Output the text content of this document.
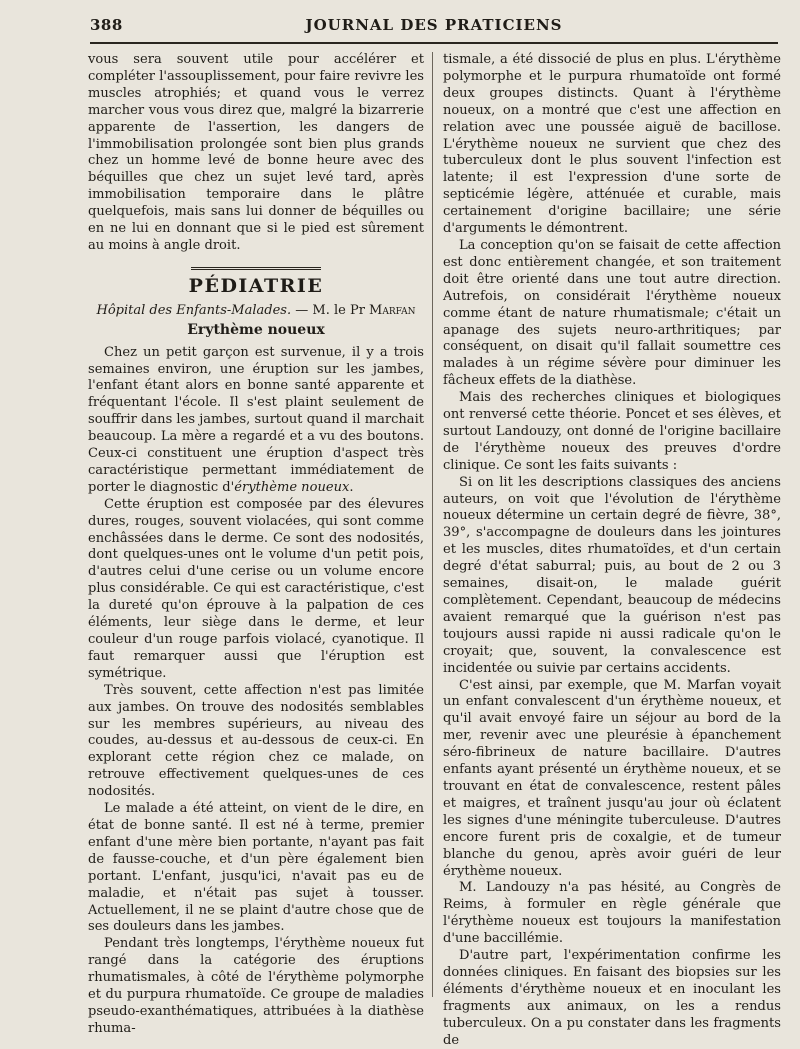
388	JOURNAL DES PRATICIENS

vous sera souvent utile pour accélérer et compléter l'assouplissement, pour faire revivre les muscles atrophiés; et quand vous le verrez marcher vous vous direz que, malgré la bizarrerie apparente de l'assertion, les dangers de l'immobilisation prolongée sont bien plus grands chez un homme levé de bonne heure avec des béquilles que chez un sujet levé tard, après immobilisation temporaire dans le plâtre quelquefois, mais sans lui donner de béquilles ou en ne lui en donnant que si le pied est sûrement au moins à angle droit.

PÉDIATRIE

Hôpital des Enfants-Malades. — M. le Pr Marfan

Erythème noueux

Chez un petit garçon est survenue, il y a trois semaines environ, une éruption sur les jambes, l'enfant étant alors en bonne santé apparente et fréquentant l'école. Il s'est plaint seulement de souffrir dans les jambes, surtout quand il marchait beaucoup. La mère a regardé et a vu des boutons. Ceux-ci constituent une éruption d'aspect très caractéristique permettant immédiatement de porter le diagnostic d'érythème noueux.

Cette éruption est composée par des élevures dures, rouges, souvent violacées, qui sont comme enchâssées dans le derme. Ce sont des nodosités, dont quelques-unes ont le volume d'un petit pois, d'autres celui d'une cerise ou un volume encore plus considérable. Ce qui est caractéristique, c'est la dureté qu'on éprouve à la palpation de ces éléments, leur siège dans le derme, et leur couleur d'un rouge parfois violacé, cyanotique. Il faut remarquer aussi que l'éruption est symétrique.

Très souvent, cette affection n'est pas limitée aux jambes. On trouve des nodosités semblables sur les membres supérieurs, au niveau des coudes, au-dessus et au-dessous de ceux-ci. En explorant cette région chez ce malade, on retrouve effectivement quelques-unes de ces nodosités.

Le malade a été atteint, on vient de le dire, en état de bonne santé. Il est né à terme, premier enfant d'une mère bien portante, n'ayant pas fait de fausse-couche, et d'un père également bien portant. L'enfant, jusqu'ici, n'avait pas eu de maladie, et n'était pas sujet à tousser. Actuellement, il ne se plaint d'autre chose que de ses douleurs dans les jambes.

Pendant très longtemps, l'érythème noueux fut rangé dans la catégorie des éruptions rhumatismales, à côté de l'érythème polymorphe et du purpura rhumatoïde. Ce groupe de maladies pseudo-exanthématiques, attribuées à la diathèse rhuma-

tismale, a été dissocié de plus en plus. L'érythème polymorphe et le purpura rhumatoïde ont formé deux groupes distincts. Quant à l'érythème noueux, on a montré que c'est une affection en relation avec une poussée aiguë de bacillose. L'érythème noueux ne survient que chez des tuberculeux dont le plus souvent l'infection est latente; il est l'expression d'une sorte de septicémie légère, atténuée et curable, mais certainement d'origine bacillaire; une série d'arguments le démontrent.

La conception qu'on se faisait de cette affection est donc entièrement changée, et son traitement doit être orienté dans une tout autre direction. Autrefois, on considérait l'érythème noueux comme étant de nature rhumatismale; c'était un apanage des sujets neuro-arthritiques; par conséquent, on disait qu'il fallait soumettre ces malades à un régime sévère pour diminuer les fâcheux effets de la diathèse.

Mais des recherches cliniques et biologiques ont renversé cette théorie. Poncet et ses élèves, et surtout Landouzy, ont donné de l'origine bacillaire de l'érythème noueux des preuves d'ordre clinique. Ce sont les faits suivants :

Si on lit les descriptions classiques des anciens auteurs, on voit que l'évolution de l'érythème noueux détermine un certain degré de fièvre, 38°, 39°, s'accompagne de douleurs dans les jointures et les muscles, dites rhumatoïdes, et d'un certain degré d'état saburral; puis, au bout de 2 ou 3 semaines, disait-on, le malade guérit complètement. Cependant, beaucoup de médecins avaient remarqué que la guérison n'est pas toujours aussi rapide ni aussi radicale qu'on le croyait; que, souvent, la convalescence est incidentée ou suivie par certains accidents.

C'est ainsi, par exemple, que M. Marfan voyait un enfant convalescent d'un érythème noueux, et qu'il avait envoyé faire un séjour au bord de la mer, revenir avec une pleurésie à épanchement séro-fibrineux de nature bacillaire. D'autres enfants ayant présenté un érythème noueux, et se trouvant en état de convalescence, restent pâles et maigres, et traînent jusqu'au jour où éclatent les signes d'une méningite tuberculeuse. D'autres encore furent pris de coxalgie, et de tumeur blanche du genou, après avoir guéri de leur érythème noueux.

M. Landouzy n'a pas hésité, au Congrès de Reims, à formuler en règle générale que l'érythème noueux est toujours la manifestation d'une baccillémie.

D'autre part, l'expérimentation confirme les données cliniques. En faisant des biopsies sur les éléments d'érythème noueux et en inoculant les fragments aux animaux, on les a rendus tuberculeux. On a pu constater dans les fragments de
